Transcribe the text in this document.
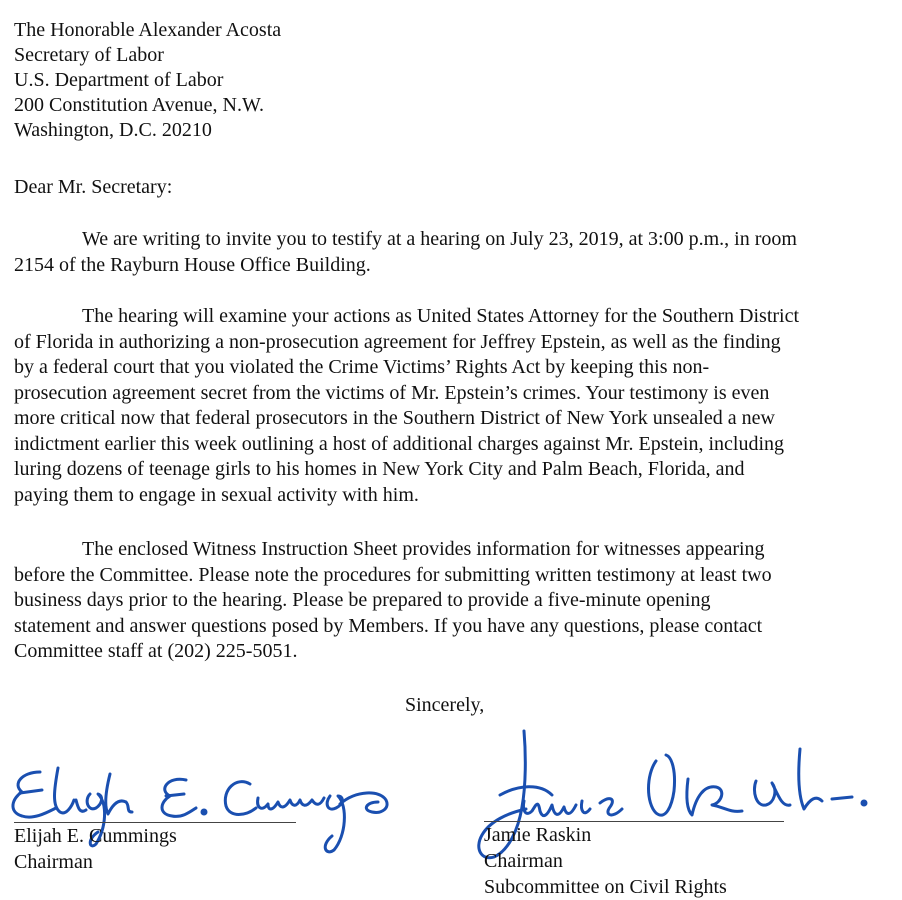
The Honorable Alexander Acosta
Secretary of Labor
U.S. Department of Labor
200 Constitution Avenue, N.W.
Washington, D.C. 20210
Dear Mr. Secretary:
We are writing to invite you to testify at a hearing on July 23, 2019, at 3:00 p.m., in room
2154 of the Rayburn House Office Building.
The hearing will examine your actions as United States Attorney for the Southern District
of Florida in authorizing a non-prosecution agreement for Jeffrey Epstein, as well as the finding
by a federal court that you violated the Crime Victims’ Rights Act by keeping this non-
prosecution agreement secret from the victims of Mr. Epstein’s crimes. Your testimony is even
more critical now that federal prosecutors in the Southern District of New York unsealed a new
indictment earlier this week outlining a host of additional charges against Mr. Epstein, including
luring dozens of teenage girls to his homes in New York City and Palm Beach, Florida, and
paying them to engage in sexual activity with him.
The enclosed Witness Instruction Sheet provides information for witnesses appearing
before the Committee. Please note the procedures for submitting written testimony at least two
business days prior to the hearing. Please be prepared to provide a five-minute opening
statement and answer questions posed by Members. If you have any questions, please contact
Committee staff at (202) 225-5051.
Sincerely,
Elijah E. Cummings
Chairman
Jamie Raskin
Chairman
Subcommittee on Civil Rights
